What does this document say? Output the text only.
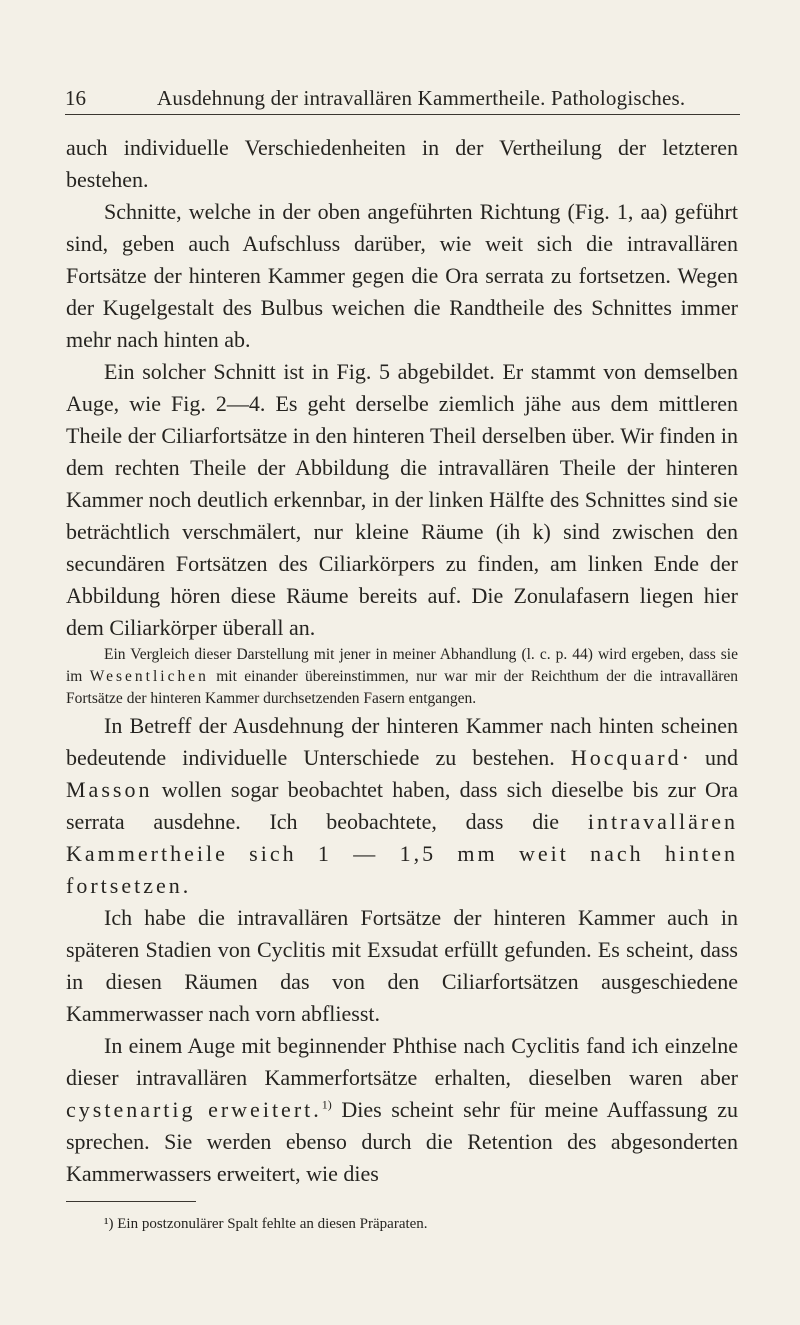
16	Ausdehnung der intravallären Kammertheile. Pathologisches.

auch individuelle Verschiedenheiten in der Vertheilung der letzteren bestehen.

Schnitte, welche in der oben angeführten Richtung (Fig. 1, aa) geführt sind, geben auch Aufschluss darüber, wie weit sich die intravallären Fortsätze der hinteren Kammer gegen die Ora serrata zu fortsetzen. Wegen der Kugelgestalt des Bulbus weichen die Randtheile des Schnittes immer mehr nach hinten ab.

Ein solcher Schnitt ist in Fig. 5 abgebildet. Er stammt von demselben Auge, wie Fig. 2—4. Es geht derselbe ziemlich jähe aus dem mittleren Theile der Ciliarfortsätze in den hinteren Theil derselben über. Wir finden in dem rechten Theile der Abbildung die intravallären Theile der hinteren Kammer noch deutlich erkennbar, in der linken Hälfte des Schnittes sind sie beträchtlich verschmälert, nur kleine Räume (ih k) sind zwischen den secundären Fortsätzen des Ciliarkörpers zu finden, am linken Ende der Abbildung hören diese Räume bereits auf. Die Zonulafasern liegen hier dem Ciliarkörper überall an.

Ein Vergleich dieser Darstellung mit jener in meiner Abhandlung (l. c. p. 44) wird ergeben, dass sie im Wesentlichen mit einander übereinstimmen, nur war mir der Reichthum der die intravallären Fortsätze der hinteren Kammer durchsetzenden Fasern entgangen.

In Betreff der Ausdehnung der hinteren Kammer nach hinten scheinen bedeutende individuelle Unterschiede zu bestehen. Hocquard· und Masson wollen sogar beobachtet haben, dass sich dieselbe bis zur Ora serrata ausdehne. Ich beobachtete, dass die intravallären Kammertheile sich 1 — 1,5 mm weit nach hinten fortsetzen.

Ich habe die intravallären Fortsätze der hinteren Kammer auch in späteren Stadien von Cyclitis mit Exsudat erfüllt gefunden. Es scheint, dass in diesen Räumen das von den Ciliarfortsätzen ausgeschiedene Kammerwasser nach vorn abfliesst.

In einem Auge mit beginnender Phthise nach Cyclitis fand ich einzelne dieser intravallären Kammerfortsätze erhalten, dieselben waren aber cystenartig erweitert.$^{1)}$ Dies scheint sehr für meine Auffassung zu sprechen. Sie werden ebenso durch die Retention des abgesonderten Kammerwassers erweitert, wie dies

¹) Ein postzonulärer Spalt fehlte an diesen Präparaten.
